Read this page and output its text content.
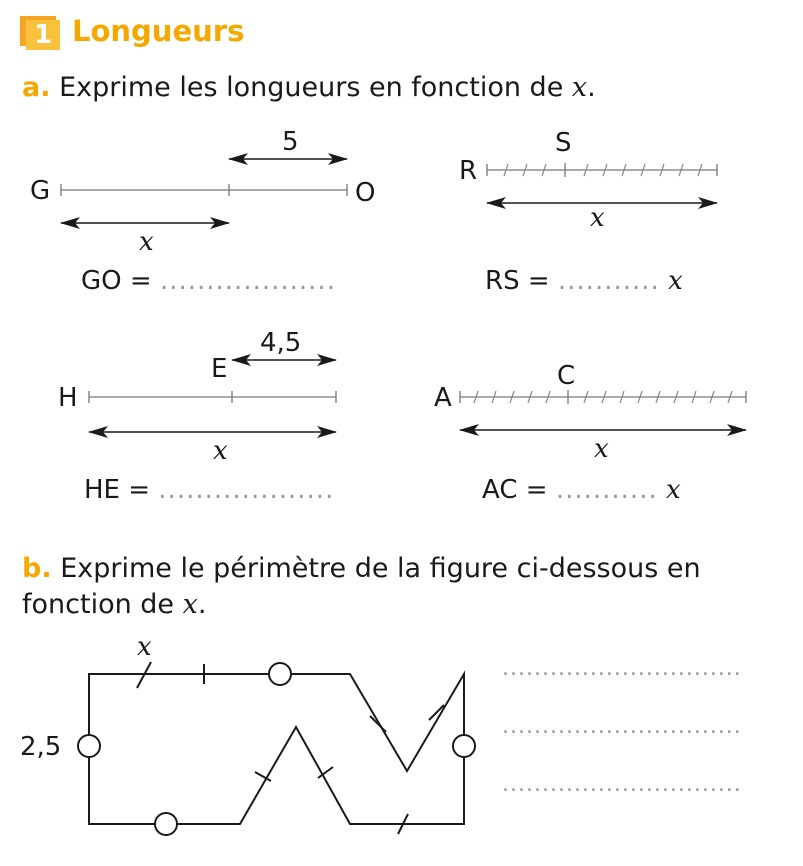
1 Longueurs
a. Exprime les longueurs en fonction de x.
G	O
5
x
GO = ...................
R
S
x
RS = ........... x
H
E
4,5
x
HE = ...................
A
C
x
AC = ........... x
b. Exprime le périmètre de la figure ci-dessous en
fonction de x.
x
2,5
..............................
..............................
..............................
